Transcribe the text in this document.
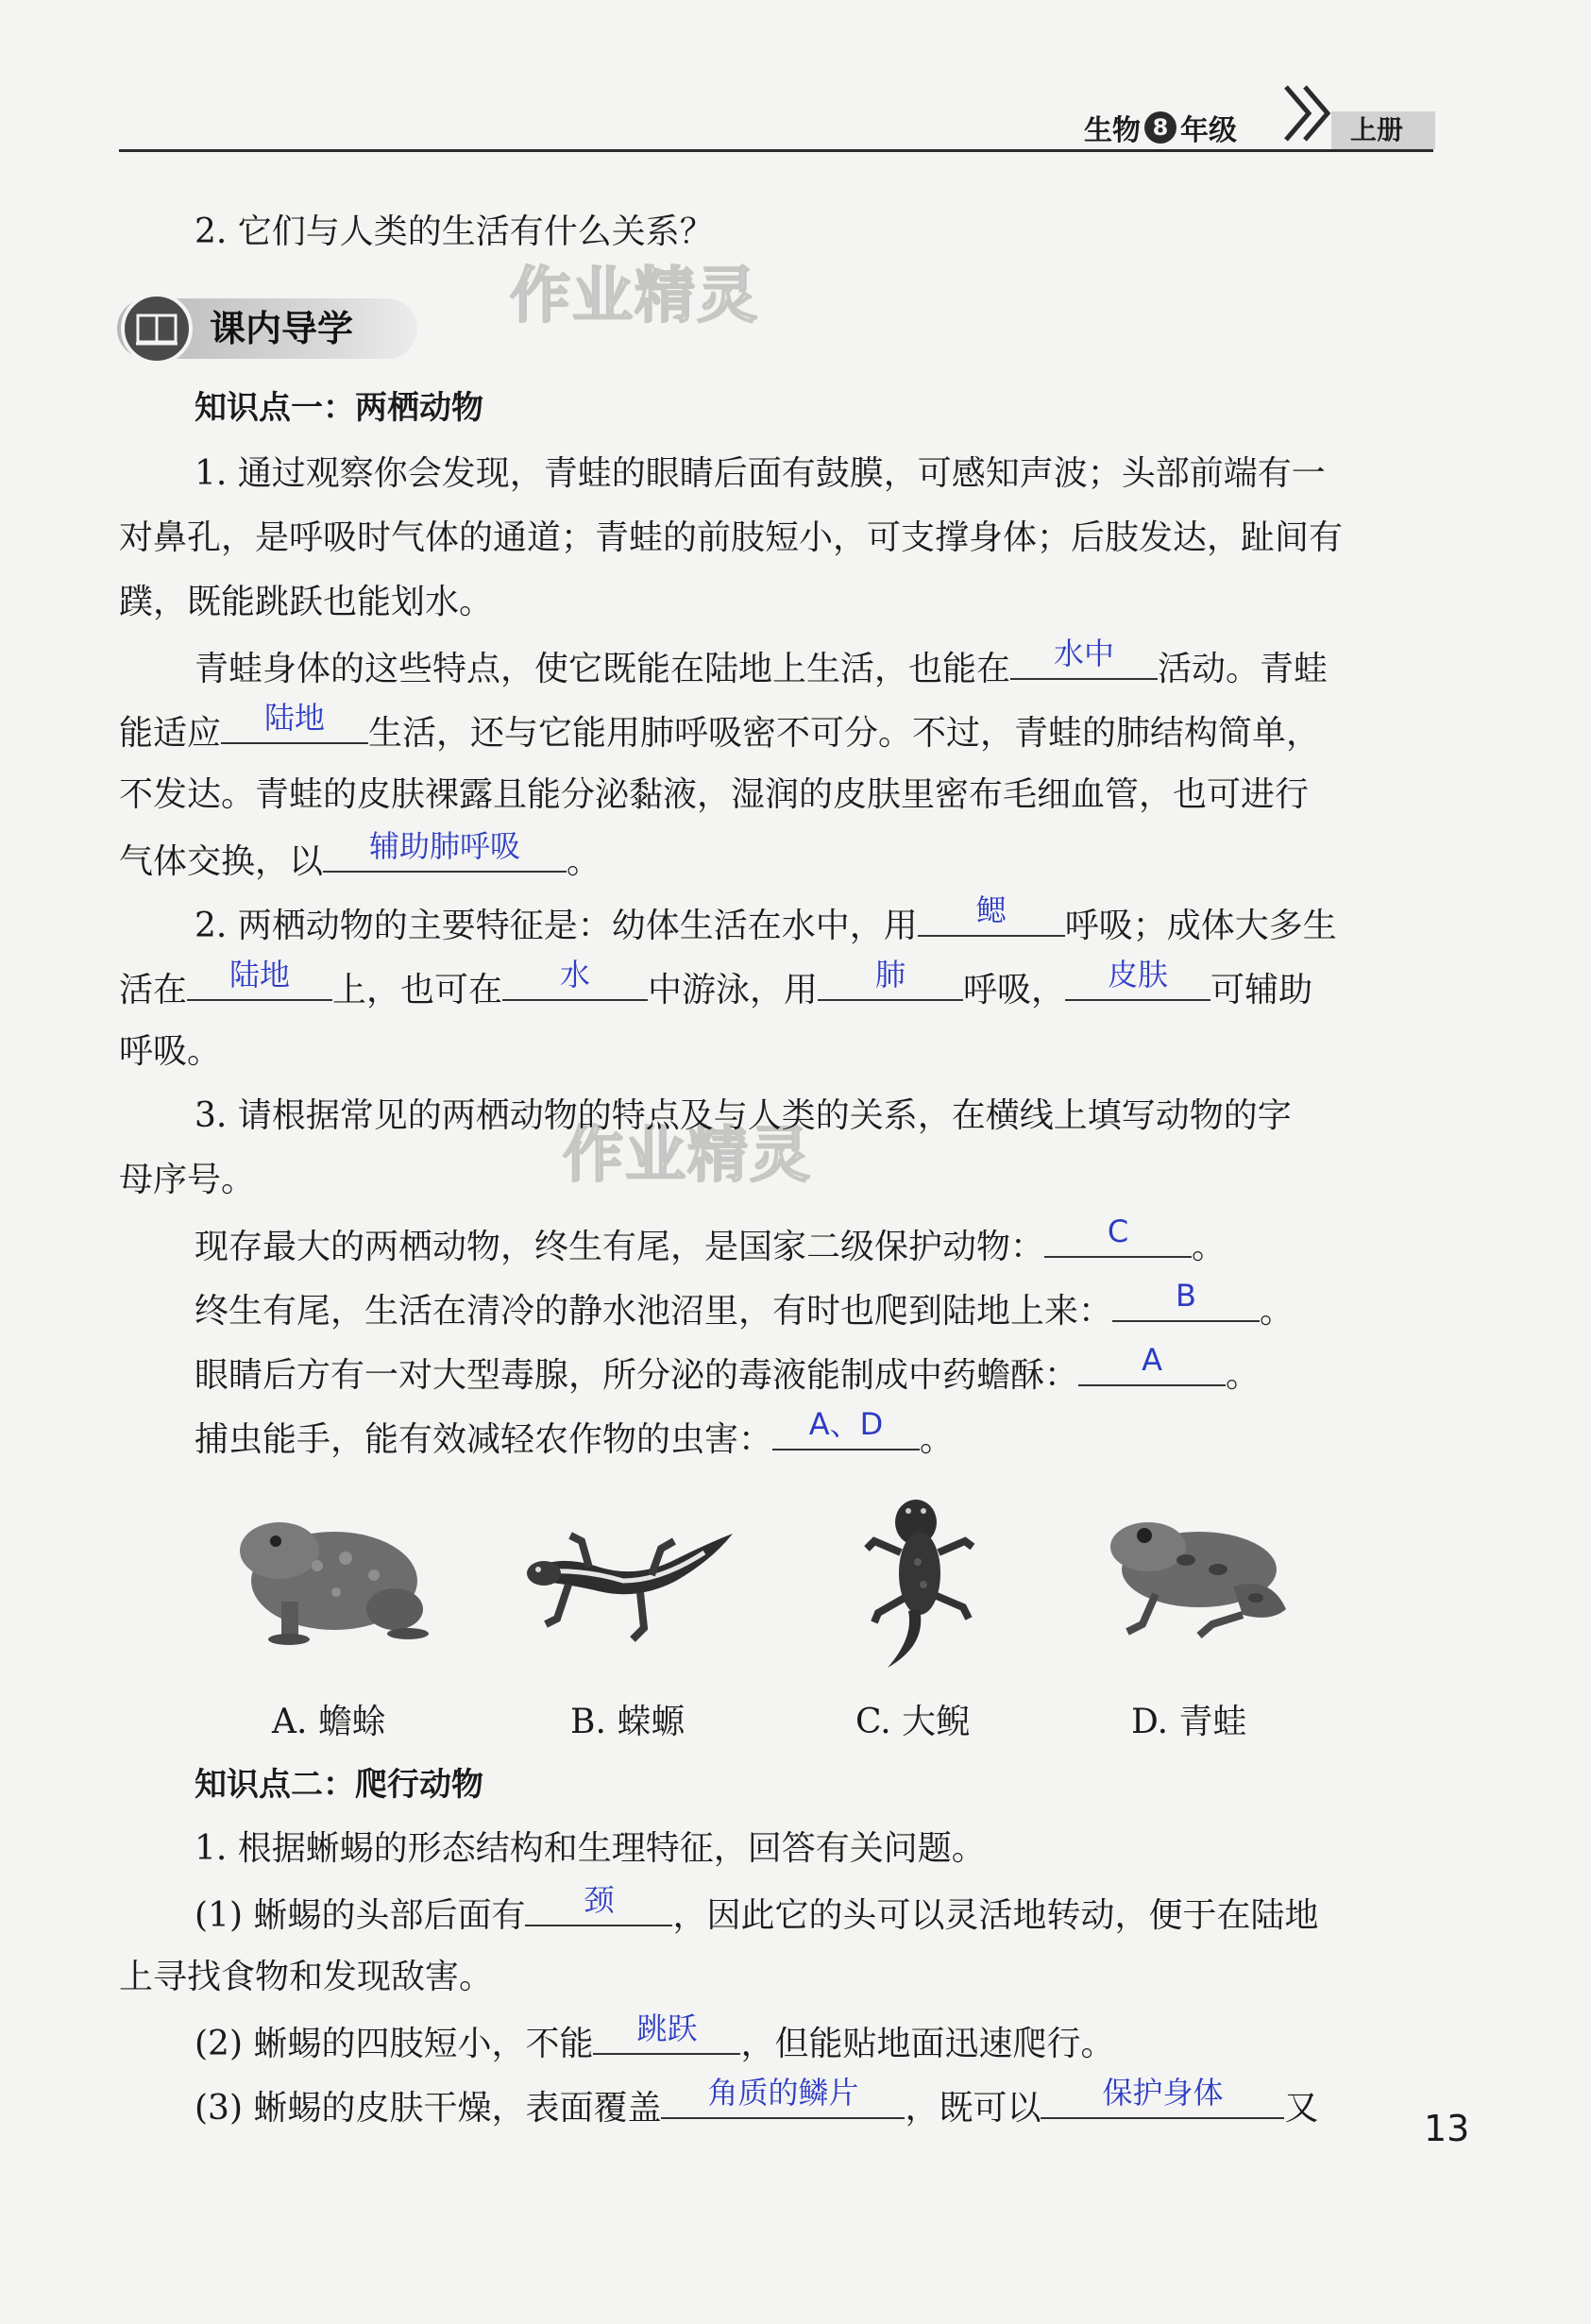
生物 8 年级	上册
2. 它们与人类的生活有什么关系？
作业精灵
作业精灵
课内导学
知识点一：两栖动物
1. 通过观察你会发现，青蛙的眼睛后面有鼓膜，可感知声波；头部前端有一
对鼻孔，是呼吸时气体的通道；青蛙的前肢短小，可支撑身体；后肢发达，趾间有
蹼，既能跳跃也能划水。
青蛙身体的这些特点，使它既能在陆地上生活，也能在	水中	活动。青蛙
能适应	陆地	生活，还与它能用肺呼吸密不可分。不过，青蛙的肺结构简单，
不发达。青蛙的皮肤裸露且能分泌黏液，湿润的皮肤里密布毛细血管，也可进行
气体交换，以	辅助肺呼吸	。
2. 两栖动物的主要特征是：幼体生活在水中，用	鳃	呼吸；成体大多生
活在	陆地	上，也可在	水	中游泳，用	肺	呼吸，	皮肤	可辅助
呼吸。
3. 请根据常见的两栖动物的特点及与人类的关系，在横线上填写动物的字
母序号。
现存最大的两栖动物，终生有尾，是国家二级保护动物：	C	。
终生有尾，生活在清冷的静水池沼里，有时也爬到陆地上来：	B	。
眼睛后方有一对大型毒腺，所分泌的毒液能制成中药蟾酥：	A	。
捕虫能手，能有效减轻农作物的虫害：	A、D	。
A. 蟾蜍	B. 蝾螈	C. 大鲵	D. 青蛙
知识点二：爬行动物
1. 根据蜥蜴的形态结构和生理特征，回答有关问题。
(1) 蜥蜴的头部后面有	颈	，因此它的头可以灵活地转动，便于在陆地
上寻找食物和发现敌害。
(2) 蜥蜴的四肢短小，不能	跳跃	，但能贴地面迅速爬行。
(3) 蜥蜴的皮肤干燥，表面覆盖	角质的鳞片	，既可以	保护身体	又	13
